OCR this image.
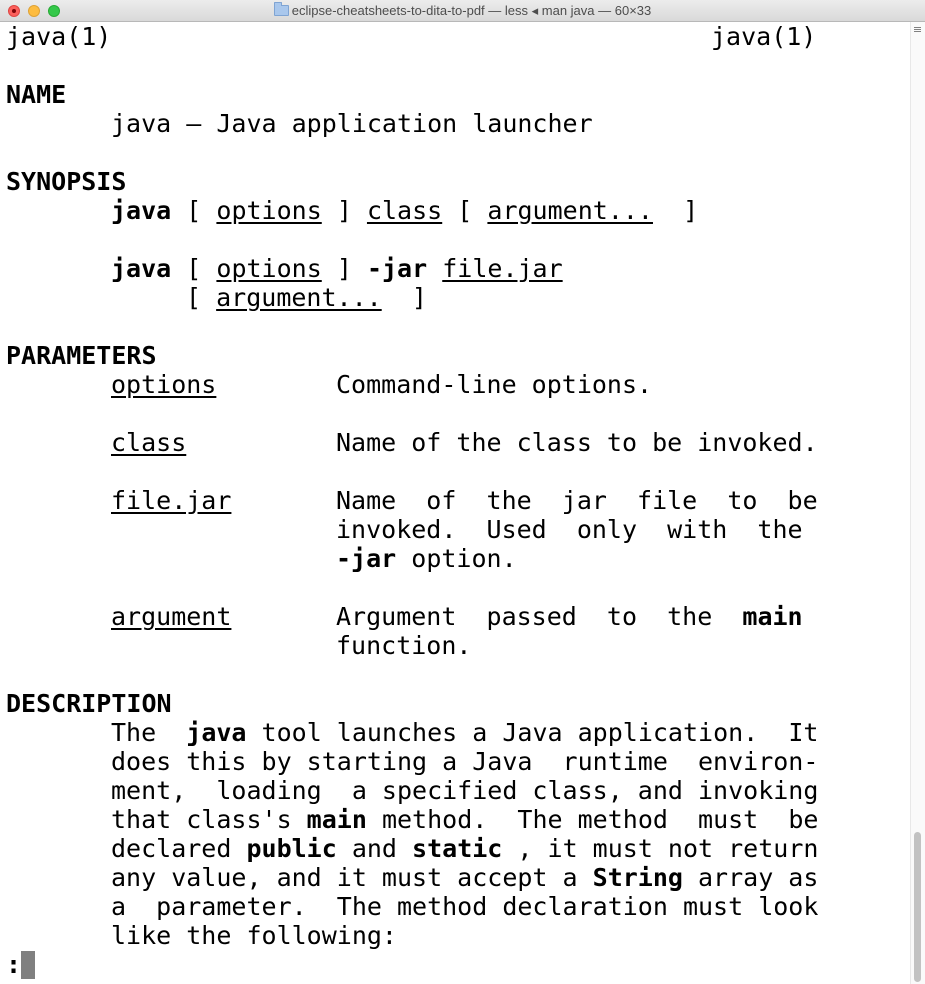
eclipse-cheatsheets-to-dita-to-pdf — less ◂ man java — 60×33
java(1)	java(1)
NAME
java – Java application launcher
SYNOPSIS
java [ options ] class [ argument... ]
java [ options ] -jar file.jar
[ argument... ]
PARAMETERS
options	Command-line options.
class	Name of the class to be invoked.
file.jar	Name  of  the  jar  file  to  be
invoked.  Used  only  with  the
-jar option.
argument	Argument  passed  to  the  main
function.
DESCRIPTION
The  java tool launches a Java application.  It
does this by starting a Java  runtime  environ-
ment,  loading  a specified class, and invoking
that class's main method.  The method  must  be
declared public and static , it must not return
any value, and it must accept a String array as
a  parameter.  The method declaration must look
like the following:
:
